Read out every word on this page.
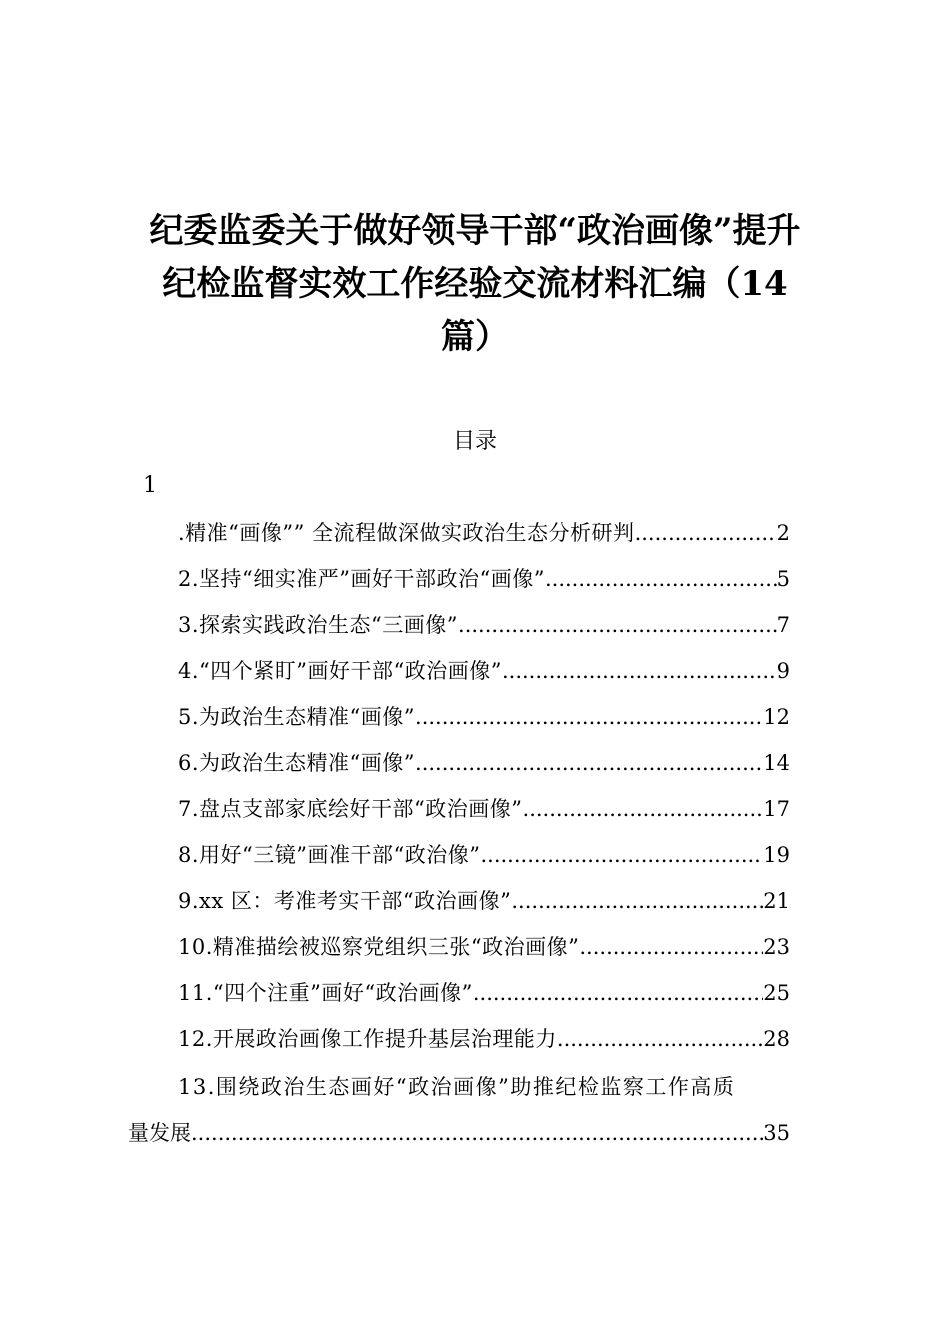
纪委监委关于做好领导干部“政治画像”提升
纪检监督实效工作经验交流材料汇编（14
篇）
目录
1
.精准“画像”” 全流程做深做实政治生态分析研判 .....	2
2.坚持“细实准严”画好干部政治“画像” .....	5
3.探索实践政治生态“三画像” .....	7
4.“四个紧盯”画好干部“政治画像” .....	9
5.为政治生态精准“画像” .....	12
6.为政治生态精准“画像” .....	14
7.盘点支部家底绘好干部“政治画像” .....	17
8.用好“三镜”画准干部“政治像” .....	19
9.xx 区：考准考实干部“政治画像” .....	21
10.精准描绘被巡察党组织三张“政治画像” .....	23
11.“四个注重”画好“政治画像” .....	25
12.开展政治画像工作提升基层治理能力 .....	28
13.围绕政治生态画好“政治画像”助推纪检监察工作高质
量发展 .....	35
